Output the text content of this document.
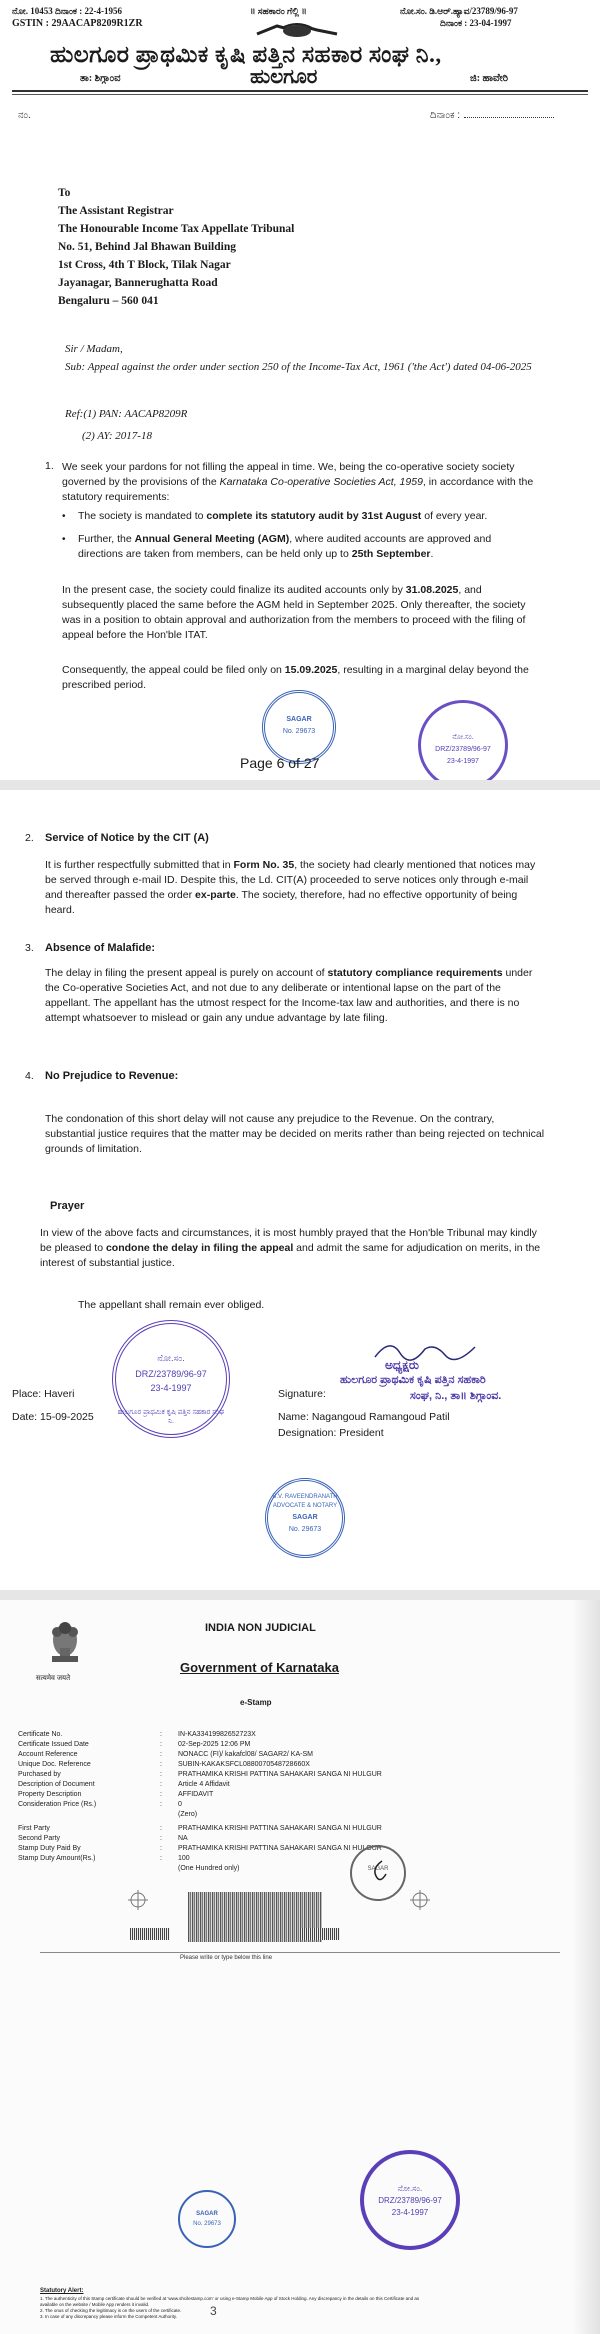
ನೋ. 10453 ದಿನಾಂಕ : 22-4-1956
GSTIN : 29AACAP8209R1ZR
॥ ಸಹಕಾರಂ ಗೆಲ್ಲಿ ॥	ನೋ.ಸಂ. ಡಿ.ಆರ್.ಹ್ಯಾವ/23789/96-97
ದಿನಾಂಕ : 23-04-1997
ಹುಲಗೂರ ಪ್ರಾಥಮಿಕ ಕೃಷಿ ಪತ್ತಿನ ಸಹಕಾರ ಸಂಘ ನಿ.,
ತಾ: ಶಿಗ್ಗಾಂವ	ಹುಲಗೂರ	ಜಿ: ಹಾವೇರಿ
ನಂ.	ದಿನಾಂಕ :
To
The Assistant Registrar
The Honourable Income Tax Appellate Tribunal
No. 51, Behind Jal Bhawan Building
1st Cross, 4th T Block, Tilak Nagar
Jayanagar, Bannerughatta Road
Bengaluru – 560 041
Sir / Madam,
Sub: Appeal against the order under section 250 of the Income-Tax Act, 1961 ('the Act') dated 04-06-2025
Ref:(1) PAN: AACAP8209R
(2) AY: 2017-18
1. We seek your pardons for not filling the appeal in time. We, being the co-operative society society governed by the provisions of the Karnataka Co-operative Societies Act, 1959, in accordance with the statutory requirements:

• The society is mandated to complete its statutory audit by 31st August of every year.

• Further, the Annual General Meeting (AGM), where audited accounts are approved and directions are taken from members, can be held only up to 25th September.

In the present case, the society could finalize its audited accounts only by 31.08.2025, and subsequently placed the same before the AGM held in September 2025. Only thereafter, the society was in a position to obtain approval and authorization from the members to proceed with the filing of appeal before the Hon'ble ITAT.

Consequently, the appeal could be filed only on 15.09.2025, resulting in a marginal delay beyond the prescribed period.

SAGAR
No. 29673
ನೋ.ಸಂ.
DRZ/23789/96-97
23-4-1997
Page 6 of 27
2. Service of Notice by the CIT (A)

It is further respectfully submitted that in Form No. 35, the society had clearly mentioned that notices may be served through e-mail ID. Despite this, the Ld. CIT(A) proceeded to serve notices only through e-mail and thereafter passed the order ex-parte. The society, therefore, had no effective opportunity of being heard.

3. Absence of Malafide:

The delay in filing the present appeal is purely on account of statutory compliance requirements under the Co-operative Societies Act, and not due to any deliberate or intentional lapse on the part of the appellant. The appellant has the utmost respect for the Income-tax law and authorities, and there is no attempt whatsoever to mislead or gain any undue advantage by late filing.

4. No Prejudice to Revenue:

The condonation of this short delay will not cause any prejudice to the Revenue. On the contrary, substantial justice requires that the matter may be decided on merits rather than being rejected on technical grounds of limitation.

Prayer

In view of the above facts and circumstances, it is most humbly prayed that the Hon'ble Tribunal may kindly be pleased to condone the delay in filing the appeal and admit the same for adjudication on merits, in the interest of substantial justice.

The appellant shall remain ever obliged.
ನೋ.ಸಂ.
DRZ/23789/96-97
23-4-1997
ಹುಲಗೂರ ಪ್ರಾಥಮಿಕ ಕೃಷಿ ಪತ್ತಿನ ಸಹಕಾರ ಸಂಘ ನಿ.
Place: Haveri
Date: 15-09-2025
Signature:
ಅಧ್ಯಕ್ಷರು
ಹುಲಗೂರ ಪ್ರಾಥಮಿಕ ಕೃಷಿ ಪತ್ತಿನ ಸಹಕಾರಿ
ಸಂಘ, ನಿ., ತಾ॥ ಶಿಗ್ಗಾಂವ.
Name: Nagangoud Ramangoud Patil
Designation: President
B.V. RAVEENDRANATH ADVOCATE & NOTARY
SAGAR
No. 29673
सत्यमेव जयते
INDIA NON JUDICIAL
Government of Karnataka
e-Stamp
Certificate No.	: IN-KA33419982652723X
Certificate Issued Date	: 02-Sep-2025 12:06 PM
Account Reference	: NONACC (FI)/ kakafcl08/ SAGAR2/ KA-SM
Unique Doc. Reference	: SUBIN-KAKAKSFCL0880070548728660X
Purchased by	: PRATHAMIKA KRISHI PATTINA SAHAKARI SANGA NI HULGUR
Description of Document	: Article 4 Affidavit
Property Description	: AFFIDAVIT
Consideration Price (Rs.)	: 0
(Zero)
First Party	: PRATHAMIKA KRISHI PATTINA SAHAKARI SANGA NI HULGUR
Second Party	: NA
Stamp Duty Paid By	: PRATHAMIKA KRISHI PATTINA SAHAKARI SANGA NI HULGUR
Stamp Duty Amount(Rs.)	: 100
(One Hundred only)	SAGAR
Please write or type below this line
SAGAR
No. 29673
ನೋ.ಸಂ.
DRZ/23789/96-97
23-4-1997
Statutory Alert:
1. The authenticity of this Stamp certificate should be verified at 'www.shcilestamp.com' or using e-Stamp Mobile App of Stock Holding. Any discrepancy in the details on this Certificate and as available on the website / Mobile App renders it invalid.
2. The onus of checking the legitimacy is on the users of the certificate.
3. In case of any discrepancy please inform the Competent Authority.	3
